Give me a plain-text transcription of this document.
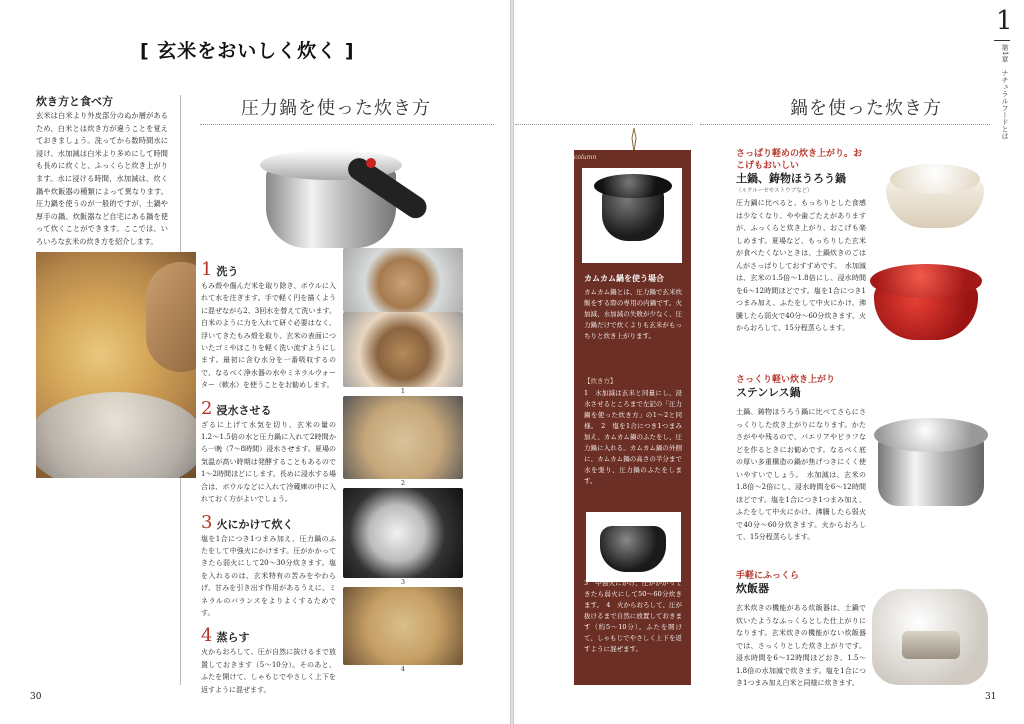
[ 玄米をおいしく炊く ]
炊き方と食べ方
玄米は白米より外皮部分のぬか層があるため、白米とは炊き方が違うことを覚えておきましょう。洗ってから数時間水に浸け、水加減は白米より多めにして時間も長めに炊くと、ふっくらと炊き上がります。水に浸ける時間、水加減は、炊く鍋や炊飯器の種類によって異なります。圧力鍋を使うのが一般的ですが、土鍋や厚手の鍋、炊飯器など自宅にある鍋を使って炊くことができます。ここでは、いろいろな玄米の炊き方を紹介します。
圧力鍋を使った炊き方
1 洗う
もみ殻や傷んだ米を取り除き、ボウルに入れて水を注ぎます。手で軽く円を描くように混ぜながら2、3回水を替えて洗います。白米のように力を入れて研ぐ必要はなく、浮いてきたもみ殻を取り、玄米の表面についたゴミやほこりを軽く洗い流すようにします。最初に含む水分を一番吸収するので、なるべく浄水器の水やミネラルウォーター（軟水）を使うことをお勧めします。
2 浸水させる
ざるに上げて水気を切り、玄米の量の1.2〜1.5倍の水と圧力鍋に入れて2時間から一晩（7〜8時間）浸水させます。夏場の気温が高い時期は発酵することもあるので1〜2時間ほどにします。長めに浸水する場合は、ボウルなどに入れて冷蔵庫の中に入れておく方がよいでしょう。
3 火にかけて炊く
塩を1合につき1つまみ加え、圧力鍋のふたをして中強火にかけます。圧がかかってきたら弱火にして20〜30分炊きます。塩を入れるのは、玄米特有の苦みをやわらげ、甘みを引き出す作用があるうえに、ミネラルのバランスをよりよくするためです。
4 蒸らす
火からおろして、圧が自然に抜けるまで放置しておきます（5〜10分）。そのあと、ふたを開けて、しゃもじでやさしく上下を返すように混ぜます。
1
2
3
4
30
column
カムカム鍋を使う場合
カムカム鍋とは、圧力鍋で玄米炊飯をする際の専用の内鍋です。火加減、水加減の失敗が少なく、圧力鍋だけで炊くよりも玄米がもっちりと炊き上がります。
【炊き方】
1　水加減は玄米と同量にし、浸水させるところまで左記の「圧力鍋を使った炊き方」の1〜2と同様。　2　塩を1合につき1つまみ加え、カムカム鍋のふたをし、圧力鍋に入れる。カムカム鍋の外側に、カムカム鍋の高さの半分まで水を張り、圧力鍋のふたをします。
3　中強火にかけ、圧がかかってきたら弱火にして50〜60分炊きます。　4　火からおろして、圧が抜けるまで自然に放置しておきます（約5〜10分）。ふたを開けて、しゃもじでやさしく上下を返すように混ぜます。
鍋を使った炊き方
1
第1章　ナチュラルフードとは
さっぱり軽めの炊き上がり。おこげもおいしい
土鍋、鋳物ほうろう鍋
（ルクルーゼやストウブなど）
圧力鍋に比べると、もっちりとした食感は少なくなり、やや歯ごたえがありますが、ふっくらと炊き上がり、おこげも楽しめます。夏場など、もっちりした玄米が食べたくないときは、土鍋炊きのごはんがさっぱりしておすすめです。　水加減は、玄米の1.5倍〜1.8倍にし、浸水時間を6〜12時間ほどです。塩を1合につき1つまみ加え、ふたをして中火にかけ、沸騰したら弱火で40分〜60分炊きます。火からおろして、15分程蒸らします。
さっくり軽い炊き上がり
ステンレス鍋
土鍋、鋳物ほうろう鍋に比べてさらにさっくりした炊き上がりになります。かたさがやや残るので、パエリアやピラフなどを作るときにお勧めです。なるべく底の厚い多重構造の鍋が焦げつきにくく使いやすいでしょう。　水加減は、玄米の1.8倍〜2倍にし、浸水時間を6〜12時間ほどです。塩を1合につき1つまみ加え、ふたをして中火にかけ、沸騰したら弱火で40分〜60分炊きます。火からおろして、15分程蒸らします。
手軽にふっくら
炊飯器
玄米炊きの機能がある炊飯器は、土鍋で炊いたようなふっくらとした仕上がりになります。玄米炊きの機能がない炊飯器では、さっくりとした炊き上がりです。浸水時間を6〜12時間ほどおき、1.5〜1.8倍の水加減で炊きます。塩を1合につき1つまみ加え白米と同様に炊きます。
31
